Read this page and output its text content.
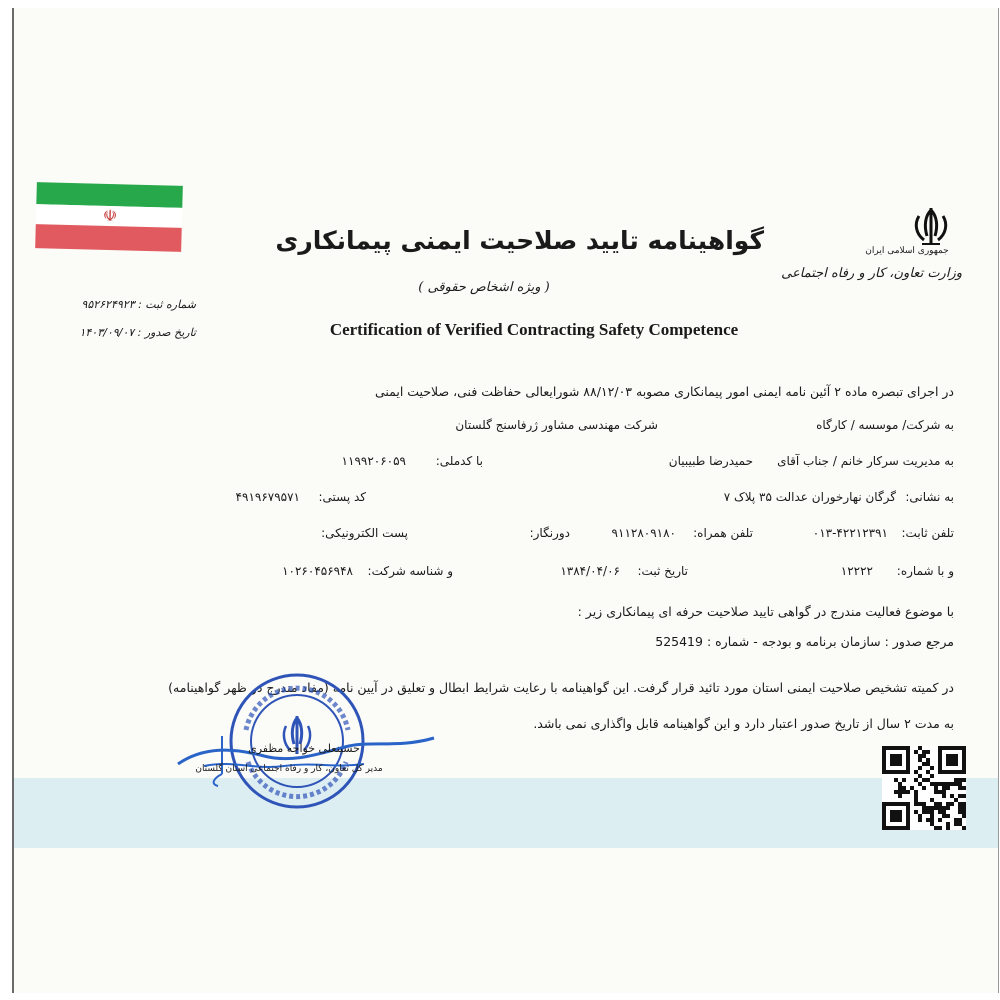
☫
جمهوری اسلامی ایران
وزارت تعاون، کار و رفاه اجتماعی
گواهینامه تایید صلاحیت ایمنی پیمانکاری
( ویژه اشخاص حقوقی )
Certification of Verified Contracting Safety Competence
شماره ثبت : ۹۵۲۶۲۴۹۲۳
تاریخ صدور : ۱۴۰۳/۰۹/۰۷
در اجرای تبصره ماده ۲ آئین نامه ایمنی امور پیمانکاری مصوبه ۸۸/۱۲/۰۳ شورایعالی حفاظت فنی، صلاحیت ایمنی
به شرکت/ موسسه / کارگاه
شرکت مهندسی مشاور ژرفاسنج گلستان
به مدیریت سرکار خانم / جناب آقای
حمیدرضا طبیبیان
با کدملی:
۱۱۹۹۲۰۶۰۵۹
به نشانی:
گرگان نهارخوران عدالت ۳۵ پلاک ۷
کد پستی:
۴۹۱۹۶۷۹۵۷۱
تلفن ثابت:
۰۱۳-۴۲۲۱۲۳۹۱
تلفن همراه:
۹۱۱۲۸۰۹۱۸۰
دورنگار:
پست الکترونیکی:
و با شماره:
۱۲۲۲۲
تاریخ ثبت:
۱۳۸۴/۰۴/۰۶
و شناسه شرکت:
۱۰۲۶۰۴۵۶۹۴۸
با موضوع فعالیت مندرج در گواهی تایید صلاحیت حرفه ای پیمانکاری زیر :
مرجع صدور : سازمان برنامه و بودجه - شماره : 525419
در کمیته تشخیص صلاحیت ایمنی استان مورد تائید قرار گرفت. این گواهینامه با رعایت شرایط ابطال و تعلیق در آیین نامه (مفاد مندرج در ظهر گواهینامه)
به مدت ۲ سال از تاریخ صدور اعتبار دارد و این گواهینامه قابل واگذاری نمی باشد.
حسینعلی خواجه مظفری
مدیر کل تعاون، کار و رفاه اجتماعی استان گلستان
